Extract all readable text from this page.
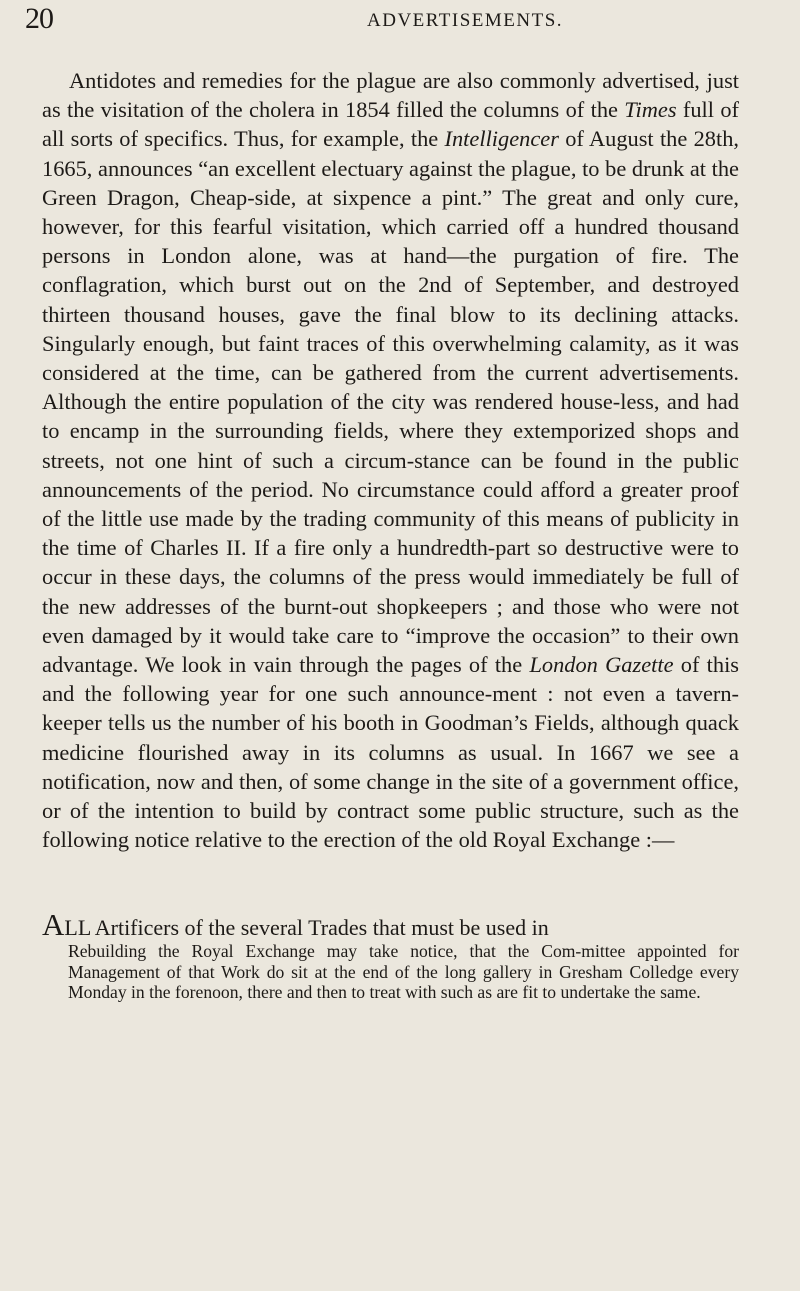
20	ADVERTISEMENTS.

Antidotes and remedies for the plague are also commonly advertised, just as the visitation of the cholera in 1854 filled the columns of the Times full of all sorts of specifics. Thus, for example, the Intelligencer of August the 28th, 1665, announces “an excellent electuary against the plague, to be drunk at the Green Dragon, Cheap-side, at sixpence a pint.” The great and only cure, however, for this fearful visitation, which carried off a hundred thousand persons in London alone, was at hand—the purgation of fire. The conflagration, which burst out on the 2nd of September, and destroyed thirteen thousand houses, gave the final blow to its declining attacks. Singularly enough, but faint traces of this overwhelming calamity, as it was considered at the time, can be gathered from the current advertisements. Although the entire population of the city was rendered house-less, and had to encamp in the surrounding fields, where they extemporized shops and streets, not one hint of such a circum-stance can be found in the public announcements of the period. No circumstance could afford a greater proof of the little use made by the trading community of this means of publicity in the time of Charles II. If a fire only a hundredth-part so destructive were to occur in these days, the columns of the press would immediately be full of the new addresses of the burnt-out shopkeepers ; and those who were not even damaged by it would take care to “improve the occasion” to their own advantage. We look in vain through the pages of the London Gazette of this and the following year for one such announce-ment : not even a tavern-keeper tells us the number of his booth in Goodman’s Fields, although quack medicine flourished away in its columns as usual. In 1667 we see a notification, now and then, of some change in the site of a government office, or of the intention to build by contract some public structure, such as the following notice relative to the erection of the old Royal Exchange :—

ALL Artificers of the several Trades that must be used in
Rebuilding the Royal Exchange may take notice, that the Com-mittee appointed for Management of that Work do sit at the end of the long gallery in Gresham Colledge every Monday in the forenoon, there and then to treat with such as are fit to undertake the same.
